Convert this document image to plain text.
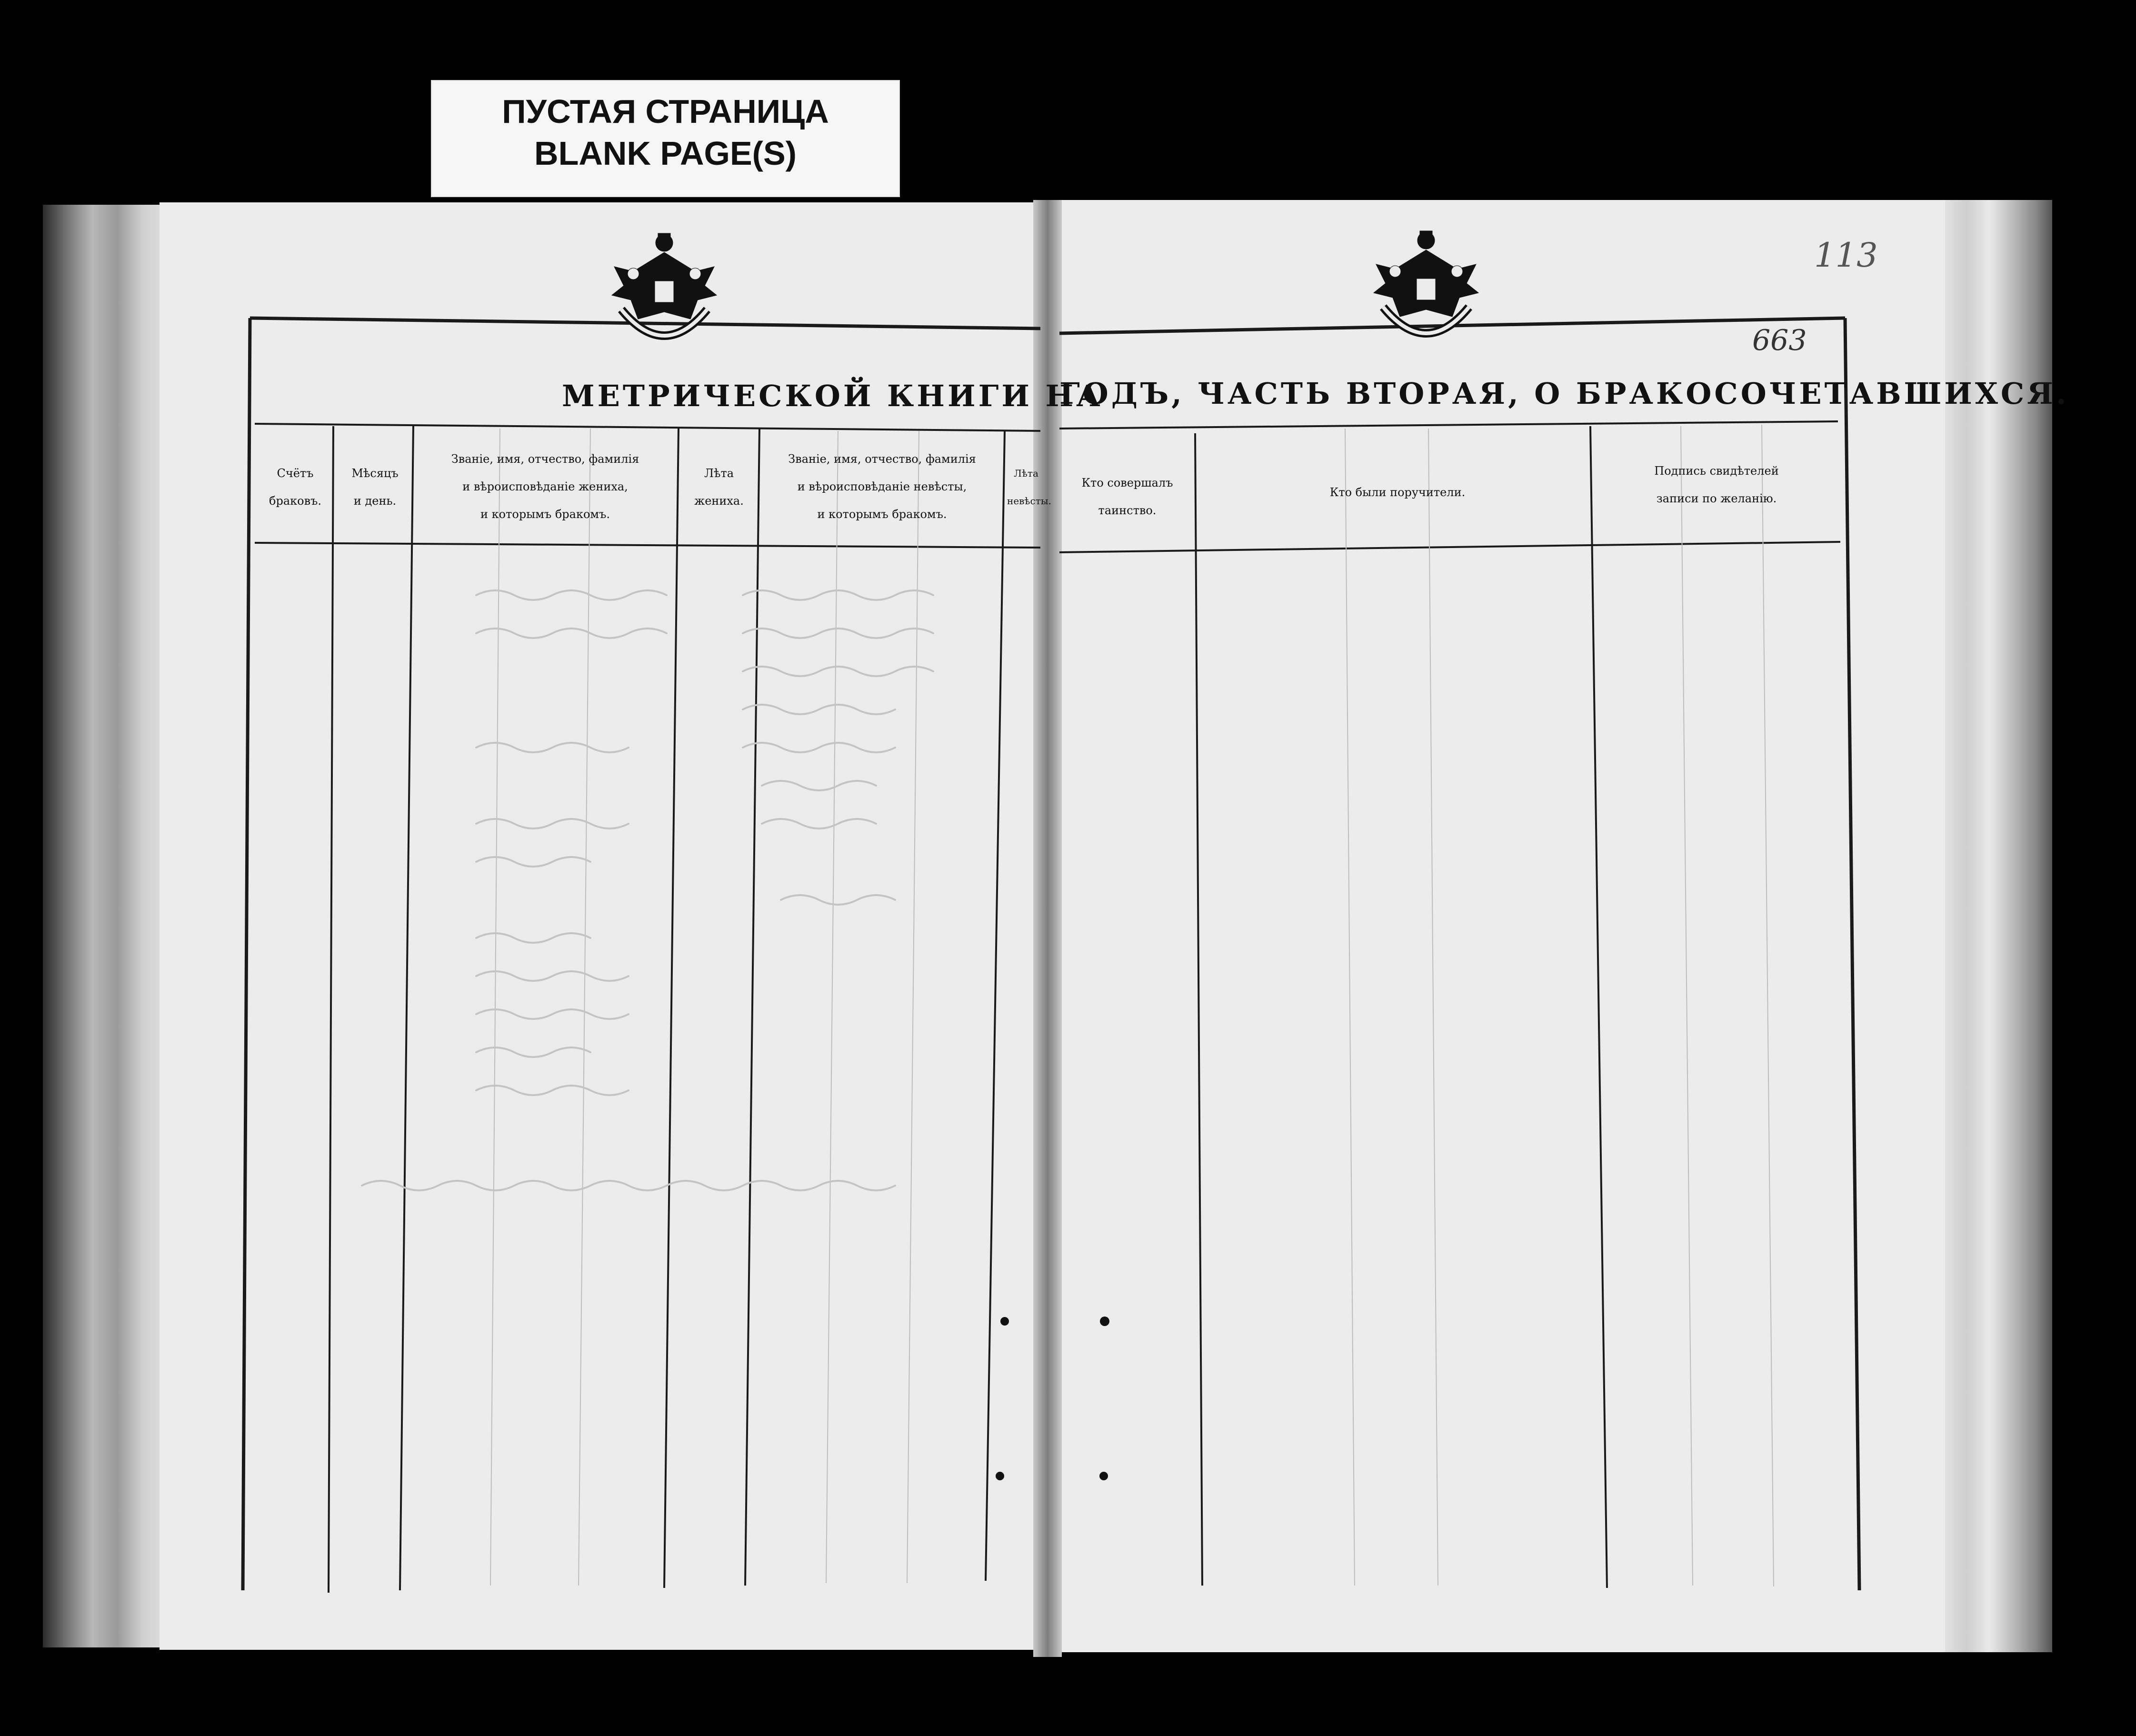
ПУСТАЯ СТРАНИЦА
BLANK PAGE(S)
МЕТРИЧЕСКОЙ КНИГИ НА
ГОДЪ, ЧАСТЬ ВТОРАЯ, О БРАКОСОЧЕТАВШИХСЯ.
663
113
Счётъ
браковъ.
Мѣсяцъ
и день.
Званіе, имя, отчество, фамилія
и вѣроисповѣданіе жениха,
и которымъ бракомъ.
Лѣта
жениха.
Званіе, имя, отчество, фамилія
и вѣроисповѣданіе невѣсты,
и которымъ бракомъ.
Лѣта
невѣсты.
Кто совершалъ
таинство.
Кто были поручители.
Подпись свидѣтелей
записи по желанію.
